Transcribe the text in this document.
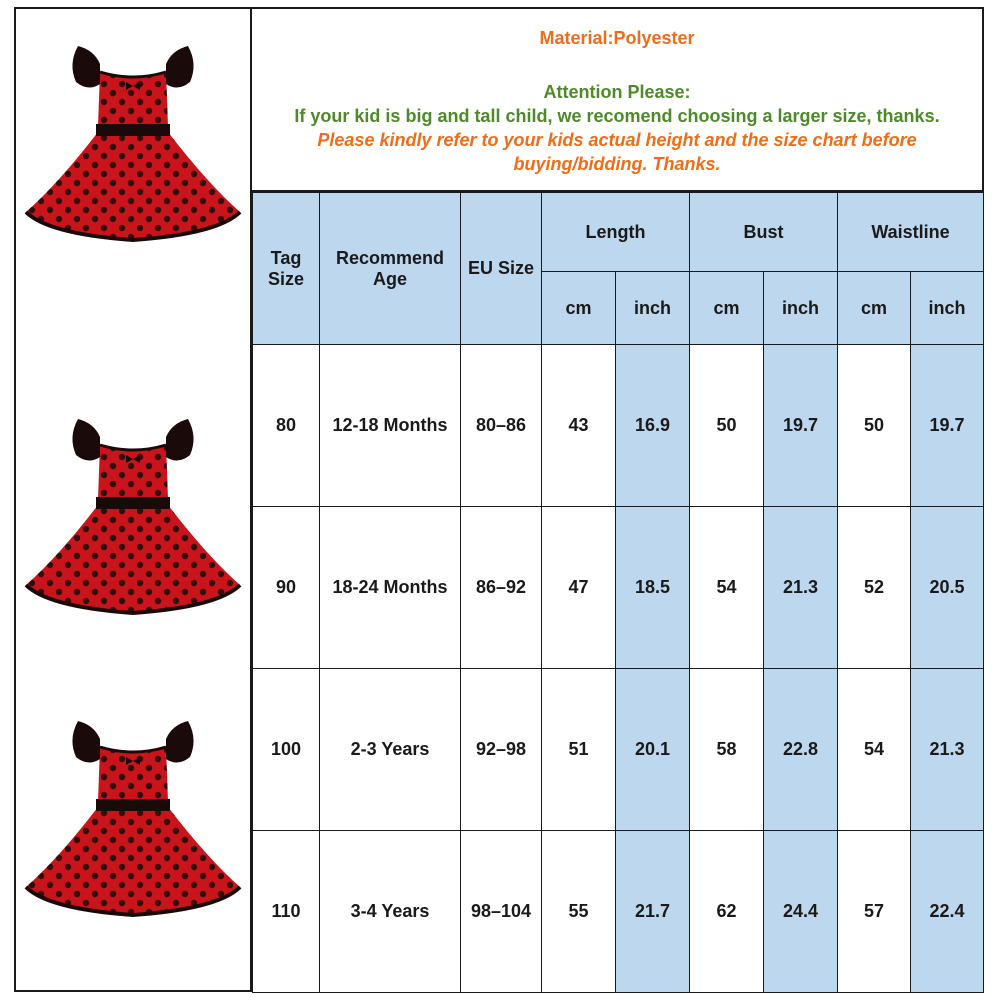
Material:Polyester
Attention Please:
If your kid is big and tall child, we recomend choosing a larger size, thanks.
Please kindly refer to your kids actual height and the size chart before
buying/bidding. Thanks.
Tag Size	Recommend Age	EU Size	Length		Bust		Waistline	
			cm	inch	cm	inch	cm	inch
80	12-18 Months	80–86	43	16.9	50	19.7	50	19.7
90	18-24 Months	86–92	47	18.5	54	21.3	52	20.5
100	2-3 Years	92–98	51	20.1	58	22.8	54	21.3
110	3-4 Years	98–104	55	21.7	62	24.4	57	22.4
